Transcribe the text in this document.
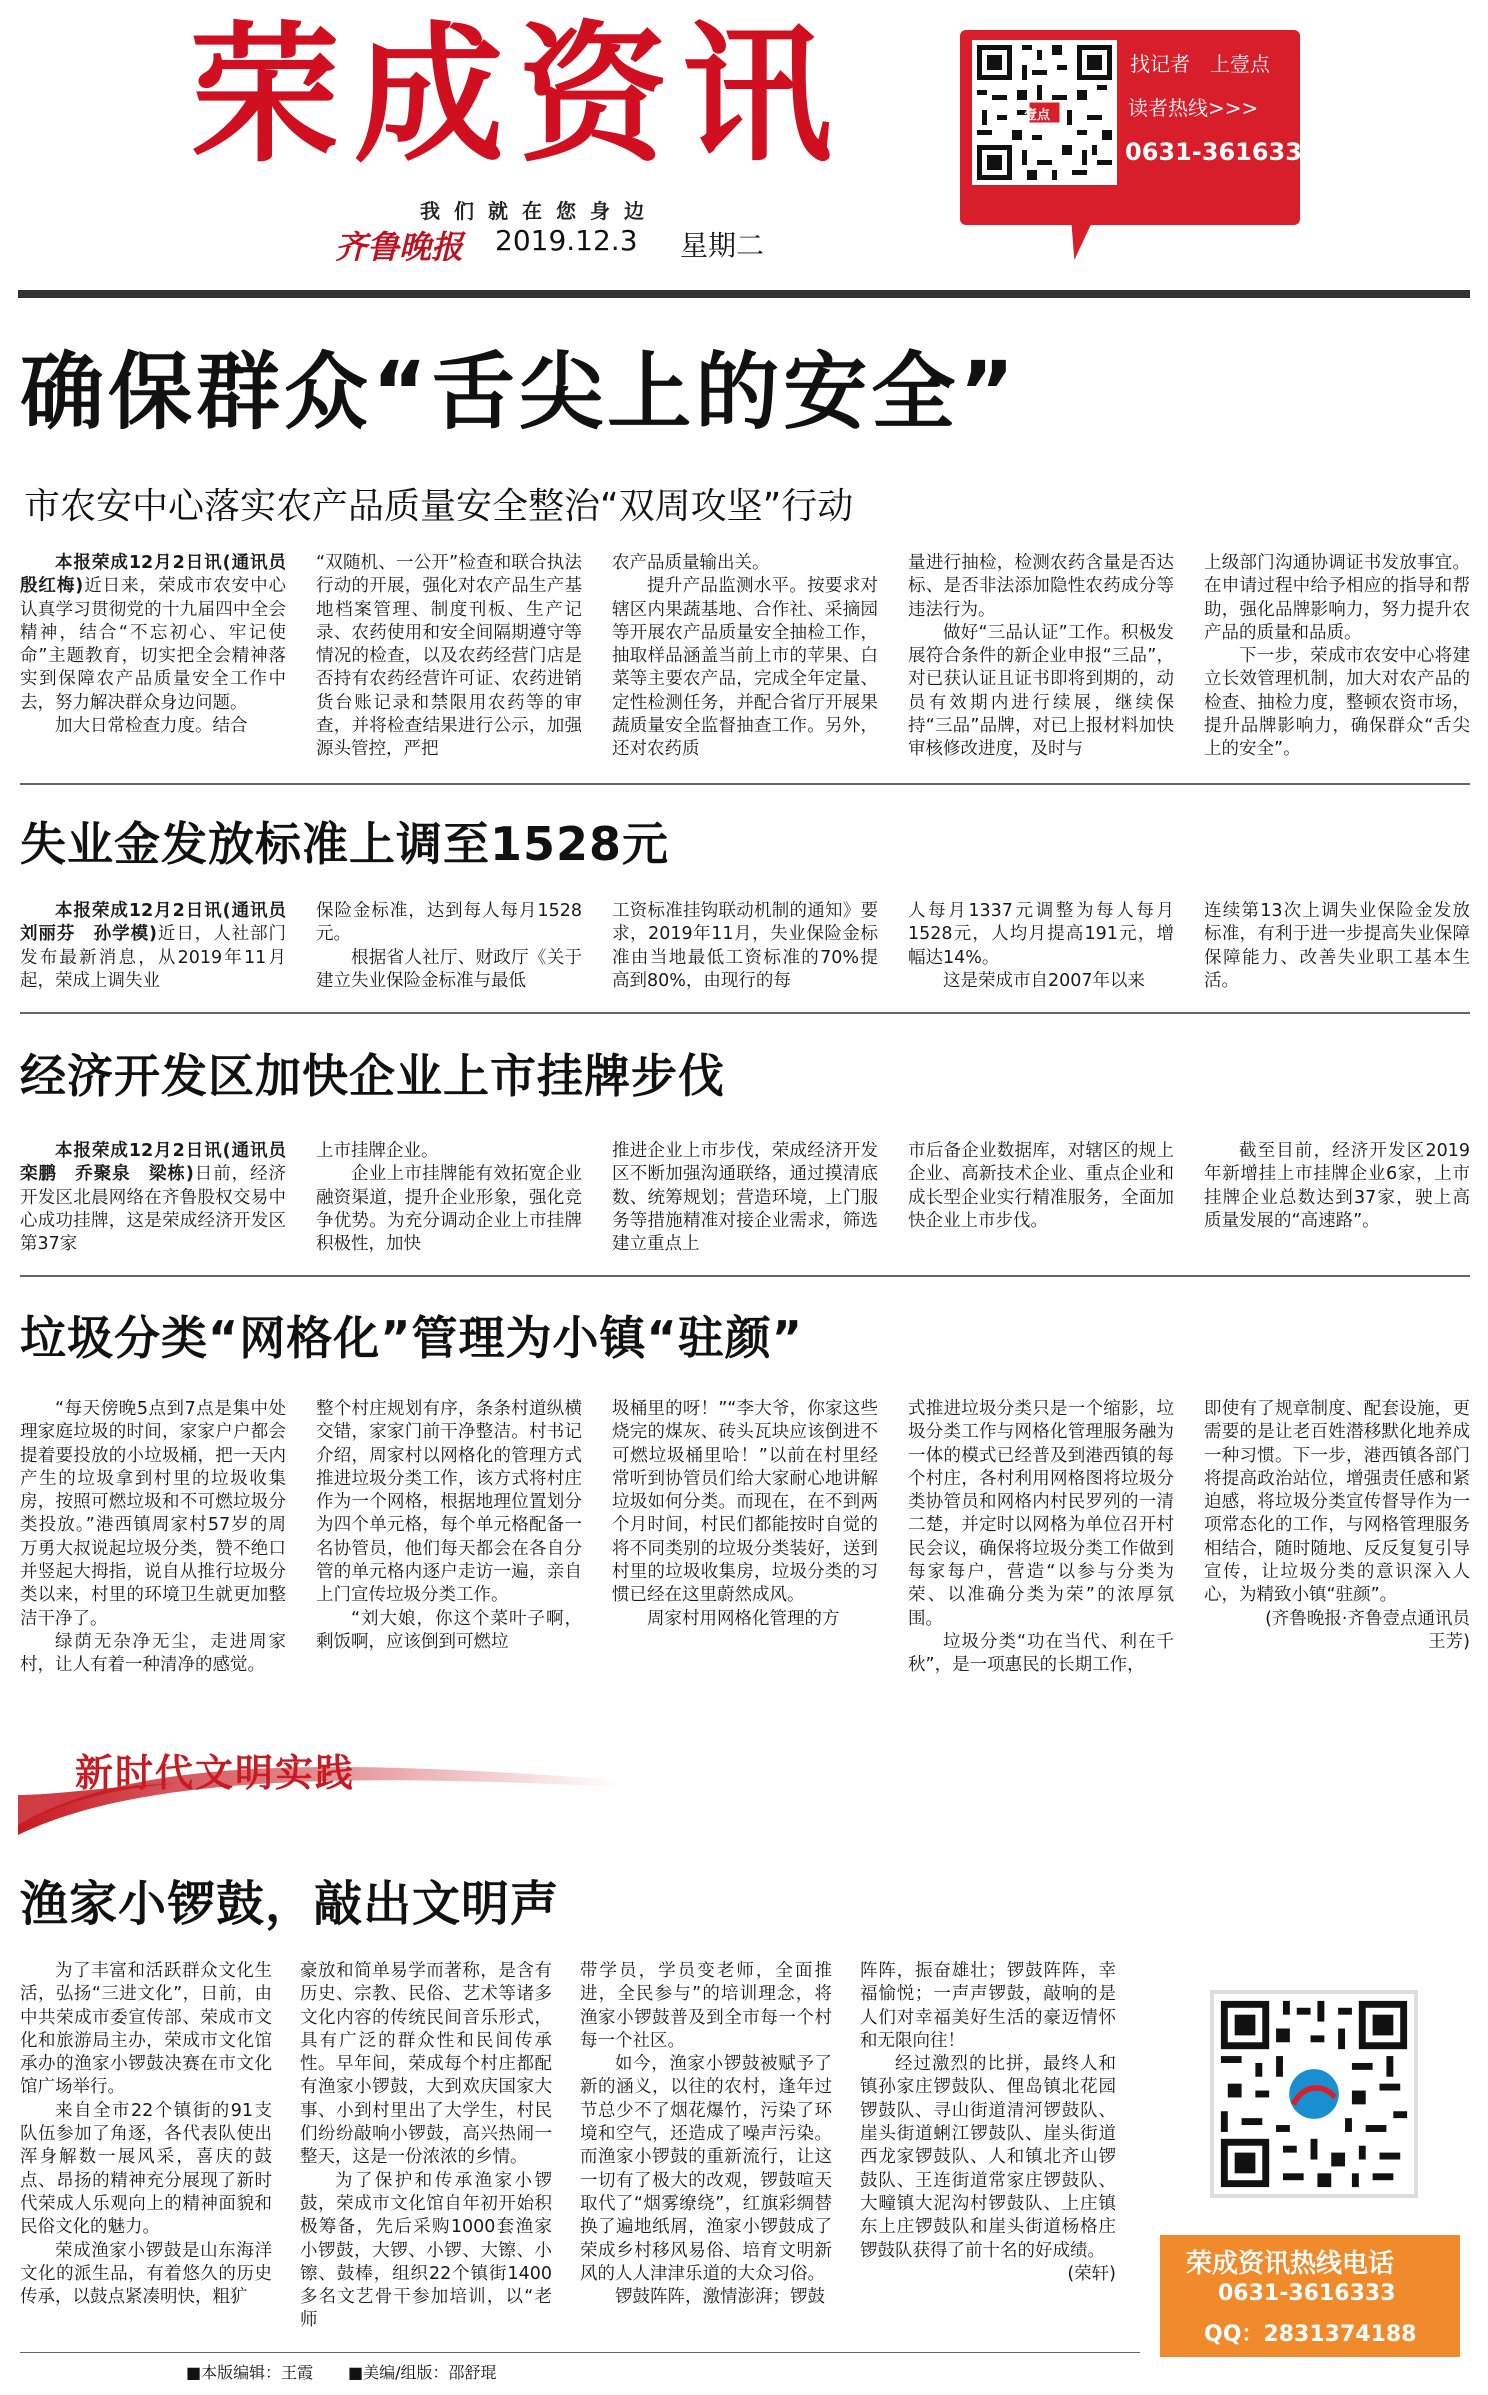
荣成资讯
我们就在您身边
齐鲁晚报 2019.12.3 星期二
壹点
找记者　上壹点
读者热线>>>
0631-3616333
确保群众“舌尖上的安全”
市农安中心落实农产品质量安全整治“双周攻坚”行动

本报荣成12月2日讯(通讯员　殷红梅)近日来，荣成市农安中心认真学习贯彻党的十九届四中全会精神，结合“不忘初心、牢记使命”主题教育，切实把全会精神落实到保障农产品质量安全工作中去，努力解决群众身边问题。

加大日常检查力度。结合

“双随机、一公开”检查和联合执法行动的开展，强化对农产品生产基地档案管理、制度刊板、生产记录、农药使用和安全间隔期遵守等情况的检查，以及农药经营门店是否持有农药经营许可证、农药进销货台账记录和禁限用农药等的审查，并将检查结果进行公示，加强源头管控，严把

农产品质量输出关。

提升产品监测水平。按要求对辖区内果蔬基地、合作社、采摘园等开展农产品质量安全抽检工作，抽取样品涵盖当前上市的苹果、白菜等主要农产品，完成全年定量、定性检测任务，并配合省厅开展果蔬质量安全监督抽查工作。另外，还对农药质

量进行抽检，检测农药含量是否达标、是否非法添加隐性农药成分等违法行为。

做好“三品认证”工作。积极发展符合条件的新企业申报“三品”，对已获认证且证书即将到期的，动员有效期内进行续展，继续保持“三品”品牌，对已上报材料加快审核修改进度，及时与

上级部门沟通协调证书发放事宜。在申请过程中给予相应的指导和帮助，强化品牌影响力，努力提升农产品的质量和品质。

下一步，荣成市农安中心将建立长效管理机制，加大对农产品的检查、抽检力度，整顿农资市场，提升品牌影响力，确保群众“舌尖上的安全”。

失业金发放标准上调至1528元

本报荣成12月2日讯(通讯员　刘丽芬　孙学模)近日，人社部门发布最新消息，从2019年11月起，荣成上调失业

保险金标准，达到每人每月1528元。

根据省人社厅、财政厅《关于建立失业保险金标准与最低

工资标准挂钩联动机制的通知》要求，2019年11月，失业保险金标准由当地最低工资标准的70%提高到80%，由现行的每

人每月1337元调整为每人每月1528元，人均月提高191元，增幅达14%。

这是荣成市自2007年以来

连续第13次上调失业保险金发放标准，有利于进一步提高失业保障保障能力、改善失业职工基本生活。

经济开发区加快企业上市挂牌步伐

本报荣成12月2日讯(通讯员　栾鹏　乔聚泉　梁栋)日前，经济开发区北晨网络在齐鲁股权交易中心成功挂牌，这是荣成经济开发区第37家

上市挂牌企业。

企业上市挂牌能有效拓宽企业融资渠道，提升企业形象，强化竞争优势。为充分调动企业上市挂牌积极性，加快

推进企业上市步伐，荣成经济开发区不断加强沟通联络，通过摸清底数、统筹规划；营造环境，上门服务等措施精准对接企业需求，筛选建立重点上

市后备企业数据库，对辖区的规上企业、高新技术企业、重点企业和成长型企业实行精准服务，全面加快企业上市步伐。

截至目前，经济开发区2019年新增挂上市挂牌企业6家，上市挂牌企业总数达到37家，驶上高质量发展的“高速路”。

垃圾分类“网格化”管理为小镇“驻颜”

“每天傍晚5点到7点是集中处理家庭垃圾的时间，家家户户都会提着要投放的小垃圾桶，把一天内产生的垃圾拿到村里的垃圾收集房，按照可燃垃圾和不可燃垃圾分类投放。”港西镇周家村57岁的周万勇大叔说起垃圾分类，赞不绝口并竖起大拇指，说自从推行垃圾分类以来，村里的环境卫生就更加整洁干净了。

绿荫无杂净无尘，走进周家村，让人有着一种清净的感觉。

整个村庄规划有序，条条村道纵横交错，家家门前干净整洁。村书记介绍，周家村以网格化的管理方式推进垃圾分类工作，该方式将村庄作为一个网格，根据地理位置划分为四个单元格，每个单元格配备一名协管员，他们每天都会在各自分管的单元格内逐户走访一遍，亲自上门宣传垃圾分类工作。

“刘大娘，你这个菜叶子啊，剩饭啊，应该倒到可燃垃

圾桶里的呀！”“李大爷，你家这些烧完的煤灰、砖头瓦块应该倒进不可燃垃圾桶里哈！”以前在村里经常听到协管员们给大家耐心地讲解垃圾如何分类。而现在，在不到两个月时间，村民们都能按时自觉的将不同类别的垃圾分类装好，送到村里的垃圾收集房，垃圾分类的习惯已经在这里蔚然成风。

周家村用网格化管理的方

式推进垃圾分类只是一个缩影，垃圾分类工作与网格化管理服务融为一体的模式已经普及到港西镇的每个村庄，各村利用网格图将垃圾分类协管员和网格内村民罗列的一清二楚，并定时以网格为单位召开村民会议，确保将垃圾分类工作做到每家每户，营造“以参与分类为荣、以准确分类为荣”的浓厚氛围。

垃圾分类“功在当代、利在千秋”，是一项惠民的长期工作，

即使有了规章制度、配套设施，更需要的是让老百姓潜移默化地养成一种习惯。下一步，港西镇各部门将提高政治站位，增强责任感和紧迫感，将垃圾分类宣传督导作为一项常态化的工作，与网格管理服务相结合，随时随地、反反复复引导宣传，让垃圾分类的意识深入人心，为精致小镇“驻颜”。

(齐鲁晚报·齐鲁壹点通讯员　王芳)

新时代文明实践
渔家小锣鼓，敲出文明声

为了丰富和活跃群众文化生活，弘扬“三进文化”，日前，由中共荣成市委宣传部、荣成市文化和旅游局主办，荣成市文化馆承办的渔家小锣鼓决赛在市文化馆广场举行。

来自全市22个镇街的91支队伍参加了角逐，各代表队使出浑身解数一展风采，喜庆的鼓点、昂扬的精神充分展现了新时代荣成人乐观向上的精神面貌和民俗文化的魅力。

荣成渔家小锣鼓是山东海洋文化的派生品，有着悠久的历史传承，以鼓点紧凑明快，粗犷

豪放和简单易学而著称，是含有历史、宗教、民俗、艺术等诸多文化内容的传统民间音乐形式，具有广泛的群众性和民间传承性。早年间，荣成每个村庄都配有渔家小锣鼓，大到欢庆国家大事、小到村里出了大学生，村民们纷纷敲响小锣鼓，高兴热闹一整天，这是一份浓浓的乡情。

为了保护和传承渔家小锣鼓，荣成市文化馆自年初开始积极筹备，先后采购1000套渔家小锣鼓，大锣、小锣、大镲、小镲、鼓棒，组织22个镇街1400多名文艺骨干参加培训，以“老师

带学员，学员变老师，全面推进，全民参与”的培训理念，将渔家小锣鼓普及到全市每一个村每一个社区。

如今，渔家小锣鼓被赋予了新的涵义，以往的农村，逢年过节总少不了烟花爆竹，污染了环境和空气，还造成了噪声污染。而渔家小锣鼓的重新流行，让这一切有了极大的改观，锣鼓喧天取代了“烟雾缭绕”，红旗彩绸替换了遍地纸屑，渔家小锣鼓成了荣成乡村移风易俗、培育文明新风的人人津津乐道的大众习俗。

锣鼓阵阵，激情澎湃；锣鼓

阵阵，振奋雄壮；锣鼓阵阵，幸福愉悦；一声声锣鼓，敲响的是人们对幸福美好生活的豪迈情怀和无限向往！

经过激烈的比拼，最终人和镇孙家庄锣鼓队、俚岛镇北花园锣鼓队、寻山街道清河锣鼓队、崖头街道蜊江锣鼓队、崖头街道西龙家锣鼓队、人和镇北齐山锣鼓队、王连街道常家庄锣鼓队、大疃镇大泥沟村锣鼓队、上庄镇东上庄锣鼓队和崖头街道杨格庄锣鼓队获得了前十名的好成绩。

(荣轩)	荣成资讯热线电话
0631-3616333
QQ：2831374188
■本版编辑：王霞 ■美编/组版：邵舒琨
